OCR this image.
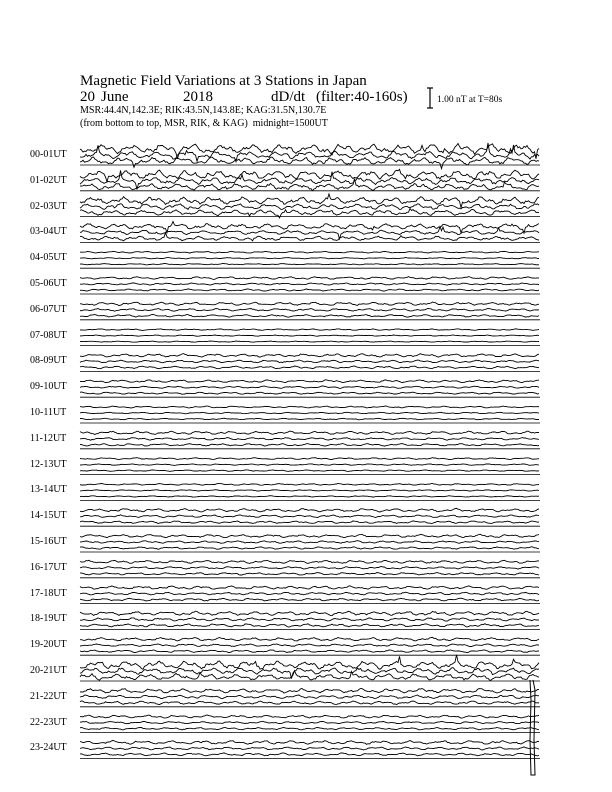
Magnetic Field Variations at 3 Stations in Japan
20 June	2018	dD/dt (filter:40-160s)
MSR:44.4N,142.3E; RIK:43.5N,143.8E; KAG:31.5N,130.7E
(from bottom to top, MSR, RIK, & KAG) midnight=1500UT
1.00 nT at T=80s
00-01UT
01-02UT
02-03UT
03-04UT
04-05UT
05-06UT
06-07UT
07-08UT
08-09UT
09-10UT
10-11UT
11-12UT
12-13UT
13-14UT
14-15UT
15-16UT
16-17UT
17-18UT
18-19UT
19-20UT
20-21UT
21-22UT
22-23UT
23-24UT
